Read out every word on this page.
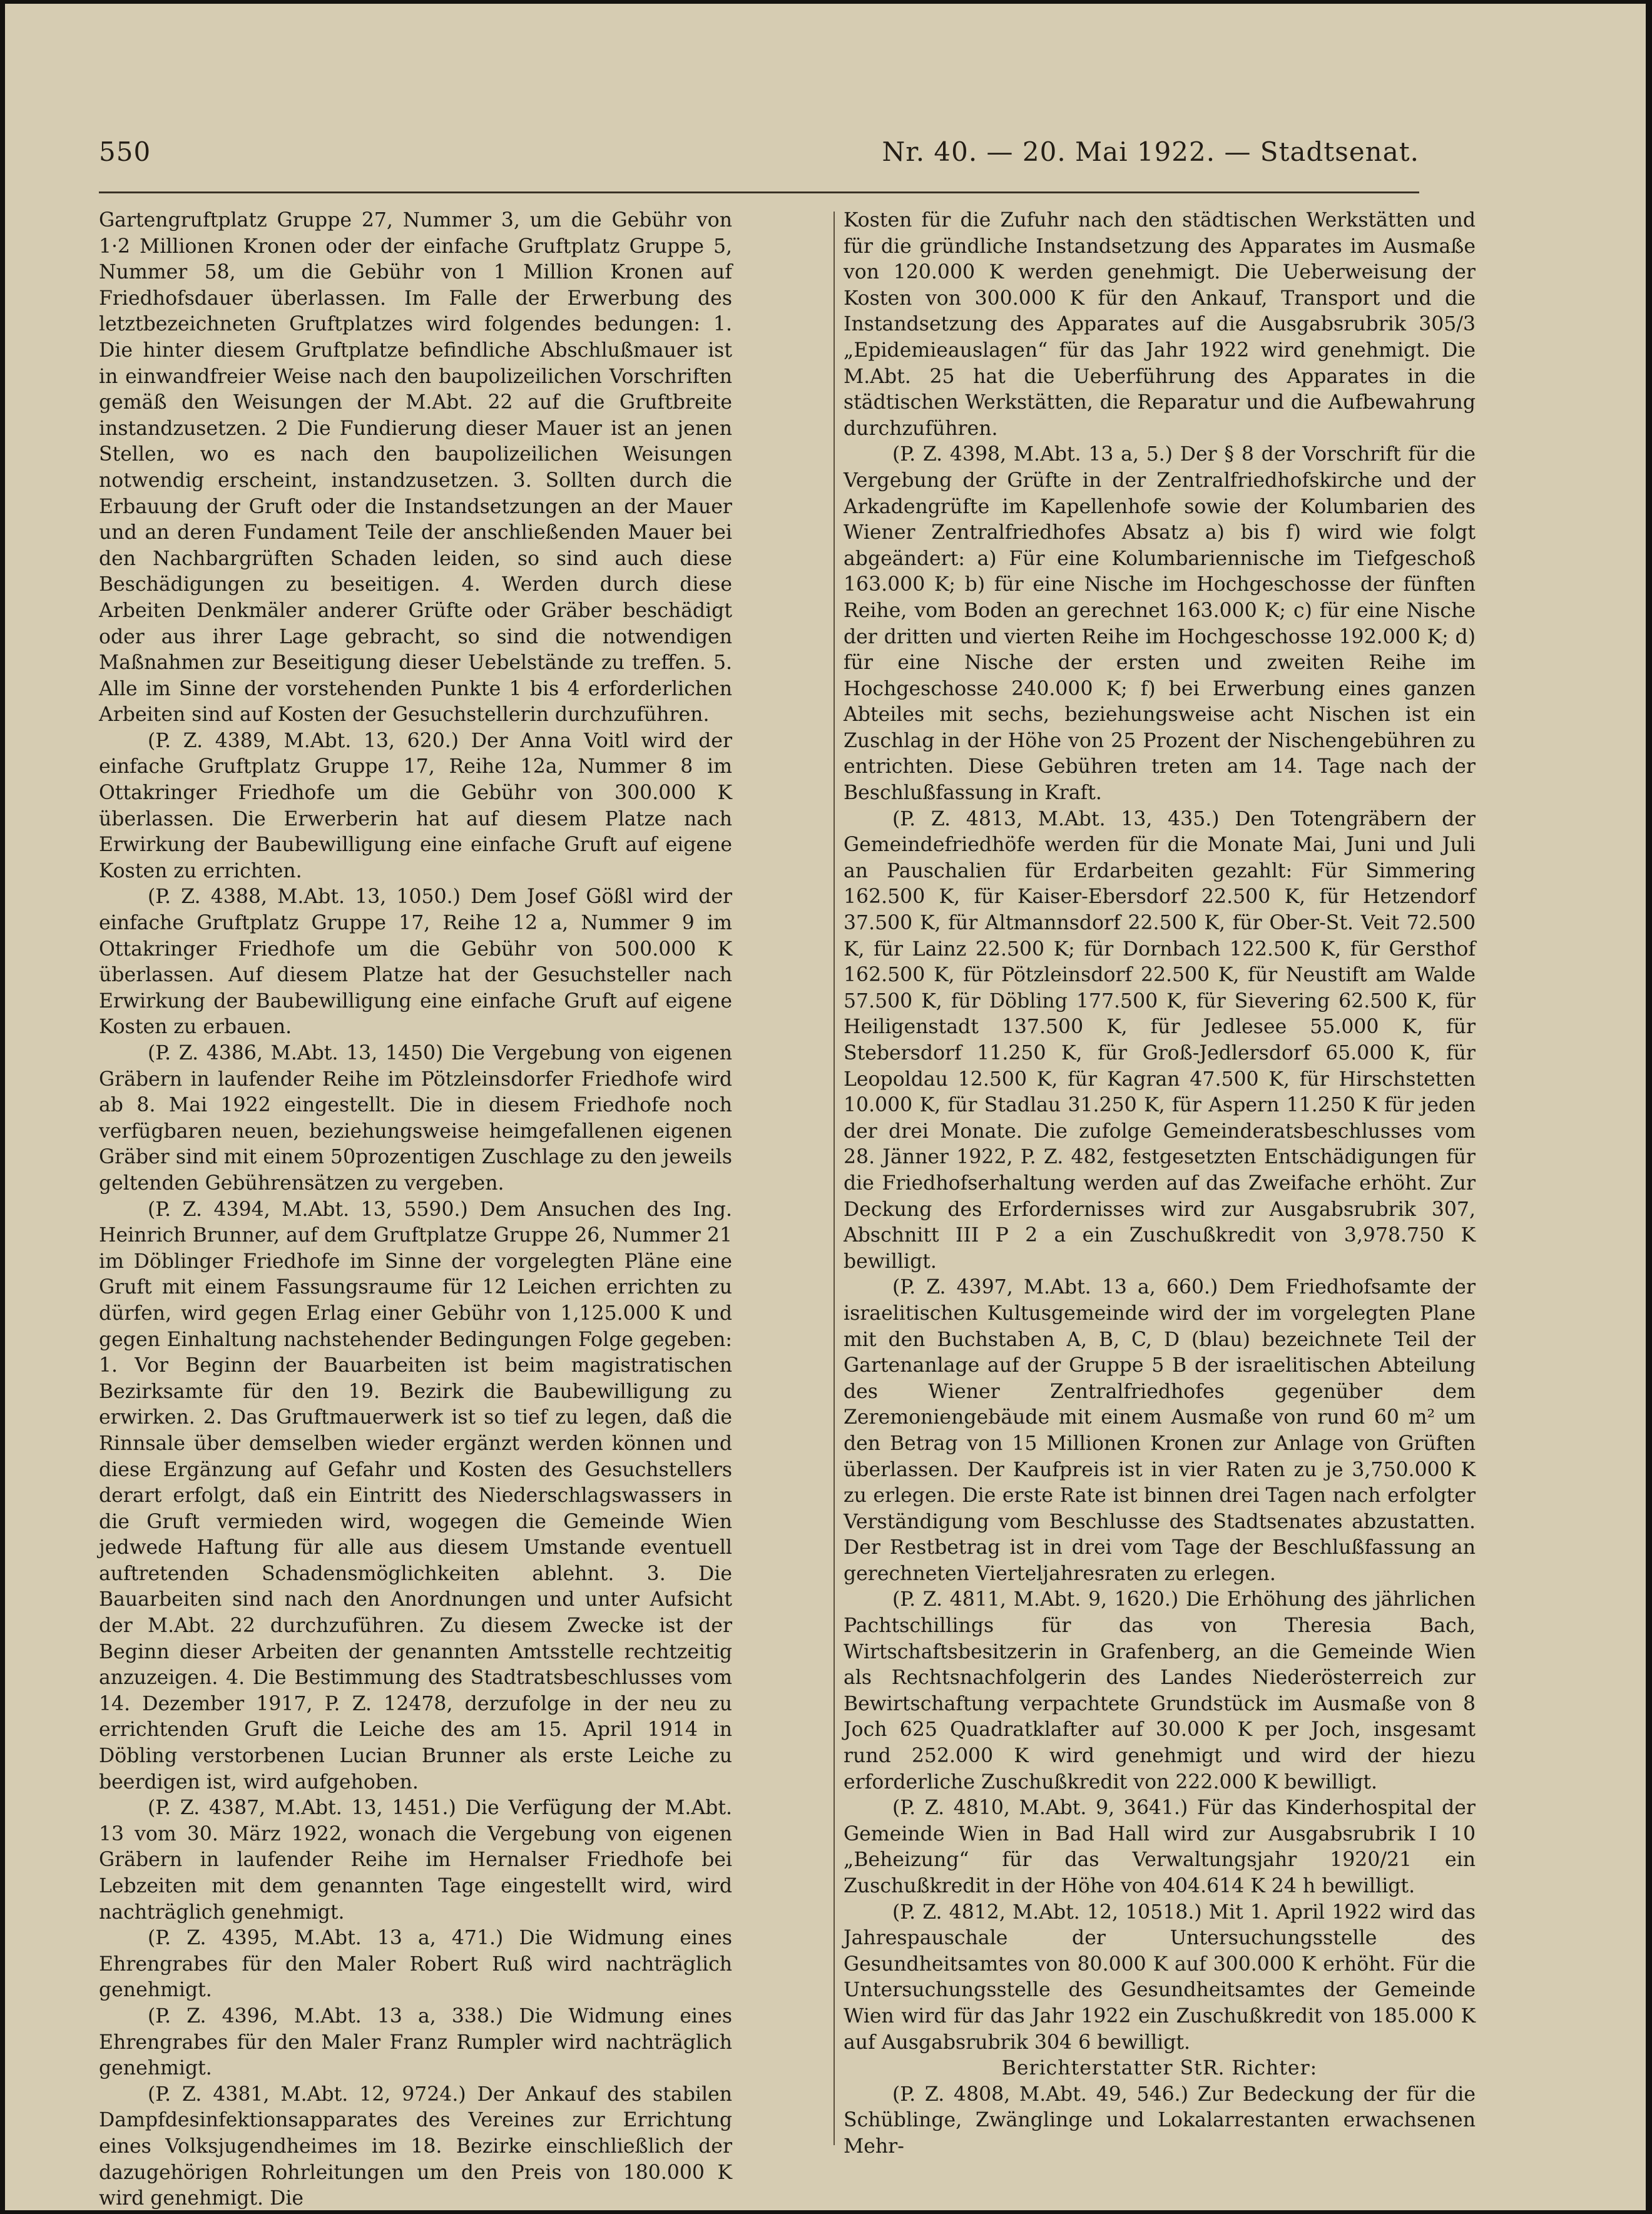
550	Nr. 40. — 20. Mai 1922. — Stadtsenat.

Gartengruftplatz Gruppe 27, Nummer 3, um die Gebühr von 1·2 Millionen Kronen oder der einfache Gruftplatz Gruppe 5, Nummer 58, um die Gebühr von 1 Million Kronen auf Friedhofsdauer überlassen. Im Falle der Erwerbung des letztbezeichneten Gruftplatzes wird folgendes bedungen: 1. Die hinter diesem Gruftplatze befindliche Abschlußmauer ist in einwandfreier Weise nach den baupolizeilichen Vorschriften gemäß den Weisungen der M.Abt. 22 auf die Gruftbreite instandzusetzen. 2 Die Fundierung dieser Mauer ist an jenen Stellen, wo es nach den baupolizeilichen Weisungen notwendig erscheint, instandzusetzen. 3. Sollten durch die Erbauung der Gruft oder die Instandsetzungen an der Mauer und an deren Fundament Teile der anschließenden Mauer bei den Nachbargrüften Schaden leiden, so sind auch diese Beschädigungen zu beseitigen. 4. Werden durch diese Arbeiten Denkmäler anderer Grüfte oder Gräber beschädigt oder aus ihrer Lage gebracht, so sind die notwendigen Maßnahmen zur Beseitigung dieser Uebelstände zu treffen. 5. Alle im Sinne der vorstehenden Punkte 1 bis 4 erforderlichen Arbeiten sind auf Kosten der Gesuchstellerin durchzuführen.

(P. Z. 4389, M.Abt. 13, 620.) Der Anna Voitl wird der einfache Gruftplatz Gruppe 17, Reihe 12a, Nummer 8 im Ottakringer Friedhofe um die Gebühr von 300.000 K überlassen. Die Erwerberin hat auf diesem Platze nach Erwirkung der Baubewilligung eine einfache Gruft auf eigene Kosten zu errichten.

(P. Z. 4388, M.Abt. 13, 1050.) Dem Josef Gößl wird der einfache Gruftplatz Gruppe 17, Reihe 12 a, Nummer 9 im Ottakringer Friedhofe um die Gebühr von 500.000 K überlassen. Auf diesem Platze hat der Gesuchsteller nach Erwirkung der Baubewilligung eine einfache Gruft auf eigene Kosten zu erbauen.

(P. Z. 4386, M.Abt. 13, 1450) Die Vergebung von eigenen Gräbern in laufender Reihe im Pötzleinsdorfer Friedhofe wird ab 8. Mai 1922 eingestellt. Die in diesem Friedhofe noch verfügbaren neuen, beziehungsweise heimgefallenen eigenen Gräber sind mit einem 50prozentigen Zuschlage zu den jeweils geltenden Gebührensätzen zu vergeben.

(P. Z. 4394, M.Abt. 13, 5590.) Dem Ansuchen des Ing. Heinrich Brunner, auf dem Gruftplatze Gruppe 26, Nummer 21 im Döblinger Friedhofe im Sinne der vorgelegten Pläne eine Gruft mit einem Fassungsraume für 12 Leichen errichten zu dürfen, wird gegen Erlag einer Gebühr von 1,125.000 K und gegen Einhaltung nachstehender Bedingungen Folge gegeben: 1. Vor Beginn der Bauarbeiten ist beim magistratischen Bezirksamte für den 19. Bezirk die Baubewilligung zu erwirken. 2. Das Gruftmauerwerk ist so tief zu legen, daß die Rinnsale über demselben wieder ergänzt werden können und diese Ergänzung auf Gefahr und Kosten des Gesuchstellers derart erfolgt, daß ein Eintritt des Niederschlagswassers in die Gruft vermieden wird, wogegen die Gemeinde Wien jedwede Haftung für alle aus diesem Umstande eventuell auftretenden Schadensmöglichkeiten ablehnt. 3. Die Bauarbeiten sind nach den Anordnungen und unter Aufsicht der M.Abt. 22 durchzuführen. Zu diesem Zwecke ist der Beginn dieser Arbeiten der genannten Amtsstelle rechtzeitig anzuzeigen. 4. Die Bestimmung des Stadtratsbeschlusses vom 14. Dezember 1917, P. Z. 12478, derzufolge in der neu zu errichtenden Gruft die Leiche des am 15. April 1914 in Döbling verstorbenen Lucian Brunner als erste Leiche zu beerdigen ist, wird aufgehoben.

(P. Z. 4387, M.Abt. 13, 1451.) Die Verfügung der M.Abt. 13 vom 30. März 1922, wonach die Vergebung von eigenen Gräbern in laufender Reihe im Hernalser Friedhofe bei Lebzeiten mit dem genannten Tage eingestellt wird, wird nachträglich genehmigt.

(P. Z. 4395, M.Abt. 13 a, 471.) Die Widmung eines Ehrengrabes für den Maler Robert Ruß wird nachträglich genehmigt.

(P. Z. 4396, M.Abt. 13 a, 338.) Die Widmung eines Ehrengrabes für den Maler Franz Rumpler wird nachträglich genehmigt.

(P. Z. 4381, M.Abt. 12, 9724.) Der Ankauf des stabilen Dampfdesinfektionsapparates des Vereines zur Errichtung eines Volksjugendheimes im 18. Bezirke einschließlich der dazugehörigen Rohrleitungen um den Preis von 180.000 K wird genehmigt. Die

Kosten für die Zufuhr nach den städtischen Werkstätten und für die gründliche Instandsetzung des Apparates im Ausmaße von 120.000 K werden genehmigt. Die Ueberweisung der Kosten von 300.000 K für den Ankauf, Transport und die Instandsetzung des Apparates auf die Ausgabsrubrik 305/3 „Epidemieauslagen“ für das Jahr 1922 wird genehmigt. Die M.Abt. 25 hat die Ueberführung des Apparates in die städtischen Werkstätten, die Reparatur und die Aufbewahrung durchzuführen.

(P. Z. 4398, M.Abt. 13 a, 5.) Der § 8 der Vorschrift für die Vergebung der Grüfte in der Zentralfriedhofskirche und der Arkadengrüfte im Kapellenhofe sowie der Kolumbarien des Wiener Zentralfriedhofes Absatz a) bis f) wird wie folgt abgeändert: a) Für eine Kolumbariennische im Tiefgeschoß 163.000 K; b) für eine Nische im Hochgeschosse der fünften Reihe, vom Boden an gerechnet 163.000 K; c) für eine Nische der dritten und vierten Reihe im Hochgeschosse 192.000 K; d) für eine Nische der ersten und zweiten Reihe im Hochgeschosse 240.000 K; f) bei Erwerbung eines ganzen Abteiles mit sechs, beziehungsweise acht Nischen ist ein Zuschlag in der Höhe von 25 Prozent der Nischengebühren zu entrichten. Diese Gebühren treten am 14. Tage nach der Beschlußfassung in Kraft.

(P. Z. 4813, M.Abt. 13, 435.) Den Totengräbern der Gemeindefriedhöfe werden für die Monate Mai, Juni und Juli an Pauschalien für Erdarbeiten gezahlt: Für Simmering 162.500 K, für Kaiser-Ebersdorf 22.500 K, für Hetzendorf 37.500 K, für Altmannsdorf 22.500 K, für Ober-St. Veit 72.500 K, für Lainz 22.500 K; für Dornbach 122.500 K, für Gersthof 162.500 K, für Pötzleinsdorf 22.500 K, für Neustift am Walde 57.500 K, für Döbling 177.500 K, für Sievering 62.500 K, für Heiligenstadt 137.500 K, für Jedlesee 55.000 K, für Stebersdorf 11.250 K, für Groß-Jedlersdorf 65.000 K, für Leopoldau 12.500 K, für Kagran 47.500 K, für Hirschstetten 10.000 K, für Stadlau 31.250 K, für Aspern 11.250 K für jeden der drei Monate. Die zufolge Gemeinderatsbeschlusses vom 28. Jänner 1922, P. Z. 482, festgesetzten Entschädigungen für die Friedhofserhaltung werden auf das Zweifache erhöht. Zur Deckung des Erfordernisses wird zur Ausgabsrubrik 307, Abschnitt III P 2 a ein Zuschußkredit von 3,978.750 K bewilligt.

(P. Z. 4397, M.Abt. 13 a, 660.) Dem Friedhofsamte der israelitischen Kultusgemeinde wird der im vorgelegten Plane mit den Buchstaben A, B, C, D (blau) bezeichnete Teil der Gartenanlage auf der Gruppe 5 B der israelitischen Abteilung des Wiener Zentralfriedhofes gegenüber dem Zeremoniengebäude mit einem Ausmaße von rund 60 m² um den Betrag von 15 Millionen Kronen zur Anlage von Grüften überlassen. Der Kaufpreis ist in vier Raten zu je 3,750.000 K zu erlegen. Die erste Rate ist binnen drei Tagen nach erfolgter Verständigung vom Beschlusse des Stadtsenates abzustatten. Der Restbetrag ist in drei vom Tage der Beschlußfassung an gerechneten Vierteljahresraten zu erlegen.

(P. Z. 4811, M.Abt. 9, 1620.) Die Erhöhung des jährlichen Pachtschillings für das von Theresia Bach, Wirtschaftsbesitzerin in Grafenberg, an die Gemeinde Wien als Rechtsnachfolgerin des Landes Niederösterreich zur Bewirtschaftung verpachtete Grundstück im Ausmaße von 8 Joch 625 Quadratklafter auf 30.000 K per Joch, insgesamt rund 252.000 K wird genehmigt und wird der hiezu erforderliche Zuschußkredit von 222.000 K bewilligt.

(P. Z. 4810, M.Abt. 9, 3641.) Für das Kinderhospital der Gemeinde Wien in Bad Hall wird zur Ausgabsrubrik I 10 „Beheizung“ für das Verwaltungsjahr 1920/21 ein Zuschußkredit in der Höhe von 404.614 K 24 h bewilligt.

(P. Z. 4812, M.Abt. 12, 10518.) Mit 1. April 1922 wird das Jahrespauschale der Untersuchungsstelle des Gesundheitsamtes von 80.000 K auf 300.000 K erhöht. Für die Untersuchungsstelle des Gesundheitsamtes der Gemeinde Wien wird für das Jahr 1922 ein Zuschußkredit von 185.000 K auf Ausgabsrubrik 304 6 bewilligt.

Berichterstatter StR. Richter:

(P. Z. 4808, M.Abt. 49, 546.) Zur Bedeckung der für die Schüblinge, Zwänglinge und Lokalarrestanten erwachsenen Mehr-
